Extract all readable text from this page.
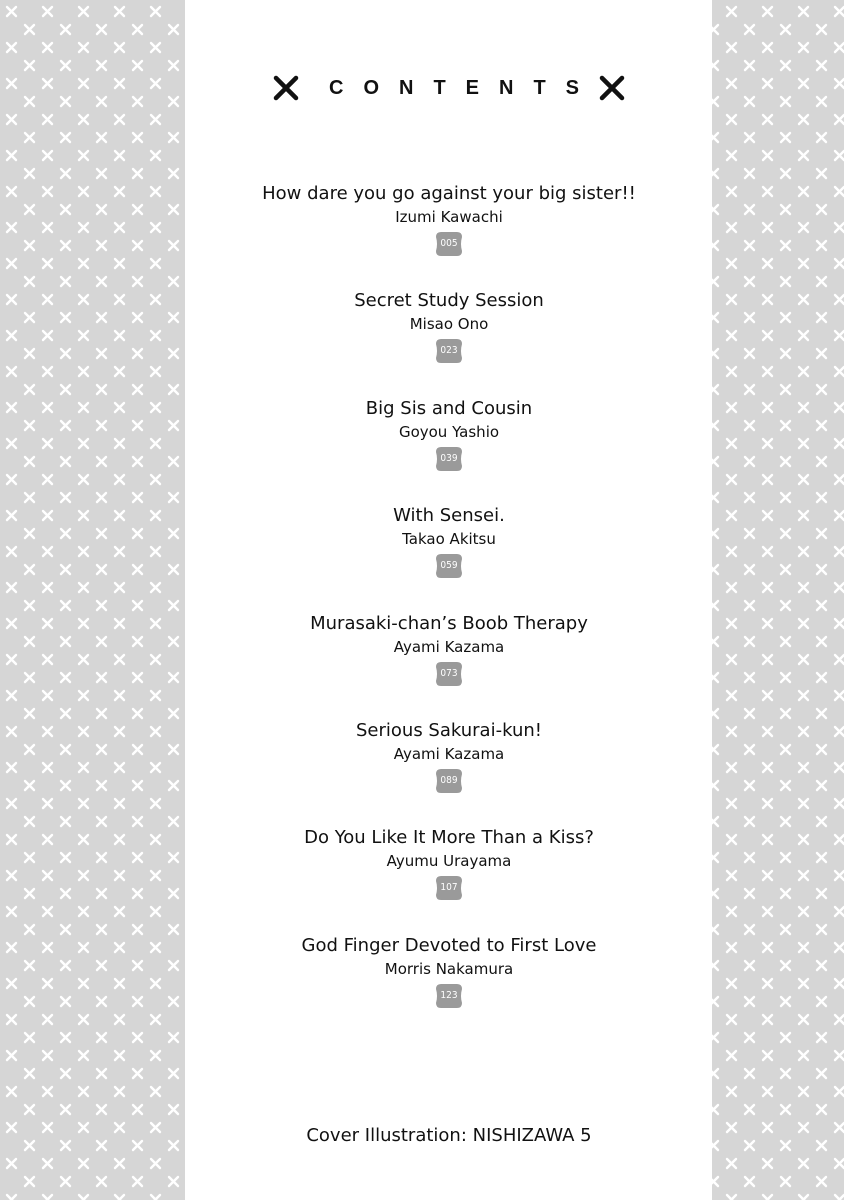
CONTENTS
How dare you go against your big sister!!
Izumi Kawachi
005
Secret Study Session
Misao Ono
023
Big Sis and Cousin
Goyou Yashio
039
With Sensei.
Takao Akitsu
059
Murasaki-chan’s Boob Therapy
Ayami Kazama
073
Serious Sakurai-kun!
Ayami Kazama
089
Do You Like It More Than a Kiss?
Ayumu Urayama
107
God Finger Devoted to First Love
Morris Nakamura
123
Cover Illustration: NISHIZAWA 5
